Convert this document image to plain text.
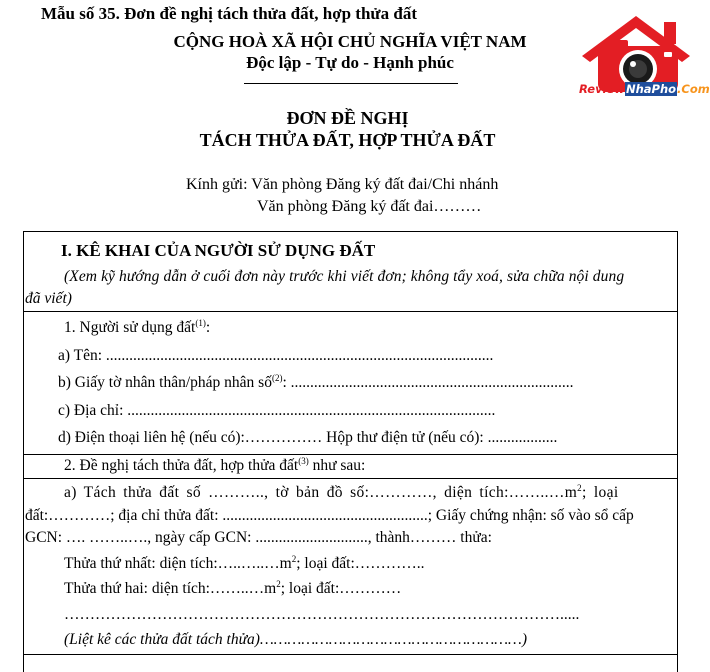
Mẫu số 35. Đơn đề nghị tách thửa đất, hợp thửa đất
CỘNG HOÀ XÃ HỘI CHỦ NGHĨA VIỆT NAM
Độc lập - Tự do - Hạnh phúc
ReviewNhaPho.Com
ĐƠN ĐỀ NGHỊ
TÁCH THỬA ĐẤT, HỢP THỬA ĐẤT
Kính gửi: Văn phòng Đăng ký đất đai/Chi nhánh
Văn phòng Đăng ký đất đai………
I. KÊ KHAI CỦA NGƯỜI SỬ DỤNG ĐẤT
(Xem kỹ hướng dẫn ở cuối đơn này trước khi viết đơn; không tẩy xoá, sửa chữa nội dung
đã viết)
1. Người sử dụng đất$^{(1)}$:
a) Tên: ....................................................................................................
b) Giấy tờ nhân thân/pháp nhân số$^{(2)}$: .........................................................................
c) Địa chỉ: ...............................................................................................
d) Điện thoại liên hệ (nếu có):…………… Hộp thư điện tử (nếu có): ..................
2. Đề nghị tách thửa đất, hợp thửa đất$^{(3)}$ như sau:
a) Tách thửa đất số ……….., tờ bản đồ số:…………, diện $tích:\dots\dots..\dots m^2$; loại
đất:…………; địa chỉ thửa đất: .....................................................; Giấy chứng nhận: số vào sổ cấp
GCN: …. ……..…., ngày cấp GCN: ............................., thành……… thửa:
Thửa thứ nhất: diện $tích:\dots..\dots..\dots m^2$; loại đất:…………..
Thửa thứ hai: diện $tích:\dots\dots..\dots m^2$; loại đất:…………
…………………………………………………………………………………….....
(Liệt kê các thửa đất tách thửa)…………………………………………………)
